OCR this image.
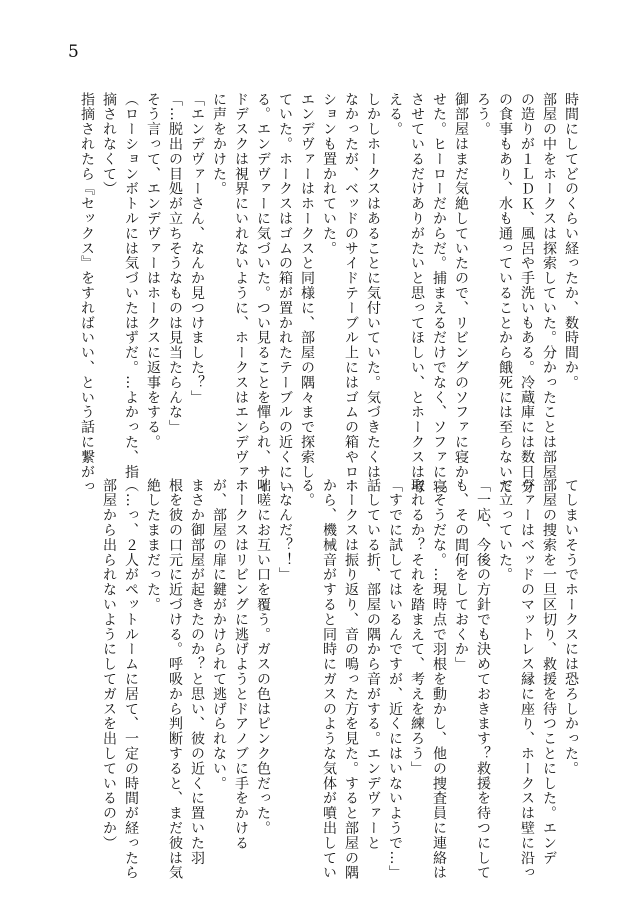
5
時間にしてどのくらい経ったか、数時間か。
部屋の中をホークスは探索していた。分かったことは部屋
の造りが１ＬＤＫ、風呂や手洗いもある。冷蔵庫には数日分
の食事もあり、水も通っていることから餓死には至らないだ
ろう。
御部屋はまだ気絶していたので、リビングのソファに寝か
せた。ヒーローだからだ。捕まえるだけでなく、ソファに寝
させているだけありがたいと思ってほしい、とホークスは考
える。
しかしホークスはあることに気付いていた。気づきたくは
なかったが、ベッドのサイドテーブル上にはゴムの箱やロー
ションも置かれていた。
エンデヴァーはホークスと同様に、部屋の隅々まで探索し
ていた。ホークスはゴムの箱が置かれたテーブルの近くにい
る。エンデヴァーに気づいた。つい見ることを憚られ、サイ
ドデスクは視界にいれないように、ホークスはエンデヴァー
に声をかけた。
「エンデヴァーさん、なんか見つけました？」
「…脱出の目処が立ちそうなものは見当たらんな」
そう言って、エンデヴァーはホークスに返事をする。
（ローションボトルには気づいたはずだ。…よかった、指
摘されなくて）
指摘されたら『セックス』をすればいい、という話に繋がっ
てしまいそうでホークスには恐ろしかった。
部屋の捜索を一旦区切り、救援を待つことにした。エンデ
ヴァーはベッドのマットレス縁に座り、ホークスは壁に沿っ
て立っていた。
「一応、今後の方針でも決めておきます？救援を待つにして
も、その間何をしておくか」
「そうだな。…現時点で羽根を動かし、他の捜査員に連絡は
取れるか？それを踏まえて、考えを練ろう」
「すでに試してはいるんですが、近くにはいないようで…」
話している折、部屋の隅から音がする。エンデヴァーと
ホークスは振り返り、音の鳴った方を見た。すると部屋の隅
から、機械音がすると同時にガスのような気体が噴出してい
る。
「なんだ？！」
咄嗟にお互い口を覆う。ガスの色はピンク色だった。
ホークスはリビングに逃げようとドアノブに手をかける
が、部屋の扉に鍵がかけられて逃げられない。
まさか御部屋が起きたのか？と思い、彼の近くに置いた羽
根を彼の口元に近づける。呼吸から判断すると、まだ彼は気
絶したままだった。
（…っ、２人がペットルームに居て、一定の時間が経ったら
部屋から出られないようにしてガスを出しているのか）
